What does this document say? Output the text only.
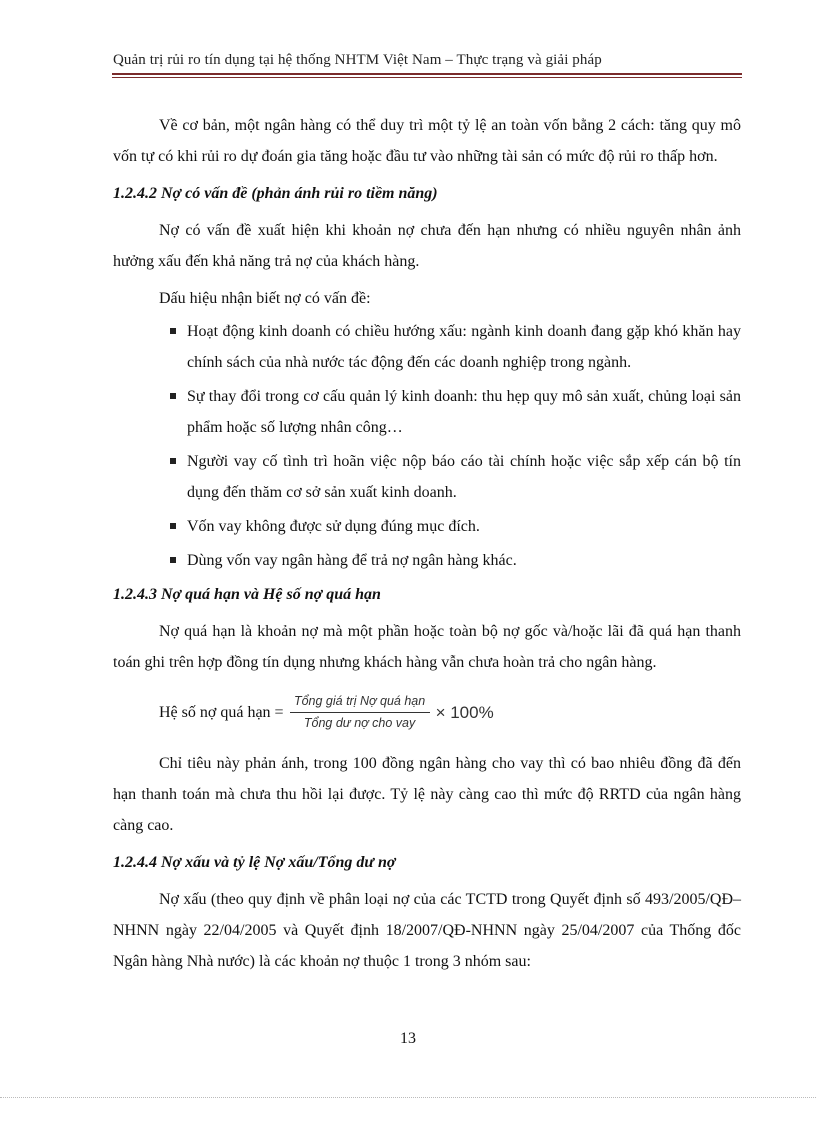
Quản trị rủi ro tín dụng tại hệ thống NHTM Việt Nam – Thực trạng và giải pháp

Về cơ bản, một ngân hàng có thể duy trì một tỷ lệ an toàn vốn bằng 2 cách: tăng quy mô vốn tự có khi rủi ro dự đoán gia tăng hoặc đầu tư vào những tài sản có mức độ rủi ro thấp hơn.

1.2.4.2 Nợ có vấn đề (phản ánh rủi ro tiềm năng)

Nợ có vấn đề xuất hiện khi khoản nợ chưa đến hạn nhưng có nhiều nguyên nhân ảnh hưởng xấu đến khả năng trả nợ của khách hàng.

Dấu hiệu nhận biết nợ có vấn đề:

Hoạt động kinh doanh có chiều hướng xấu: ngành kinh doanh đang gặp khó khăn hay chính sách của nhà nước tác động đến các doanh nghiệp trong ngành.
Sự thay đổi trong cơ cấu quản lý kinh doanh: thu hẹp quy mô sản xuất, chủng loại sản phẩm hoặc số lượng nhân công…
Người vay cố tình trì hoãn việc nộp báo cáo tài chính hoặc việc sắp xếp cán bộ tín dụng đến thăm cơ sở sản xuất kinh doanh.
Vốn vay không được sử dụng đúng mục đích.
Dùng vốn vay ngân hàng để trả nợ ngân hàng khác.

1.2.4.3 Nợ quá hạn và Hệ số nợ quá hạn

Nợ quá hạn là khoản nợ mà một phần hoặc toàn bộ nợ gốc và/hoặc lãi đã quá hạn thanh toán ghi trên hợp đồng tín dụng nhưng khách hàng vẫn chưa hoàn trả cho ngân hàng.

Hệ số nợ quá hạn = $\frac{\text{Tổng giá trị Nợ quá hạn}}{\text{Tổng dư nợ cho vay}} \times 100\%$

Chỉ tiêu này phản ánh, trong 100 đồng ngân hàng cho vay thì có bao nhiêu đồng đã đến hạn thanh toán mà chưa thu hồi lại được. Tỷ lệ này càng cao thì mức độ RRTD của ngân hàng càng cao.

1.2.4.4 Nợ xấu và tỷ lệ Nợ xấu/Tổng dư nợ

Nợ xấu (theo quy định về phân loại nợ của các TCTD trong Quyết định số 493/2005/QĐ–NHNN ngày 22/04/2005 và Quyết định 18/2007/QĐ-NHNN ngày 25/04/2007 của Thống đốc Ngân hàng Nhà nước) là các khoản nợ thuộc 1 trong 3 nhóm sau:

13
